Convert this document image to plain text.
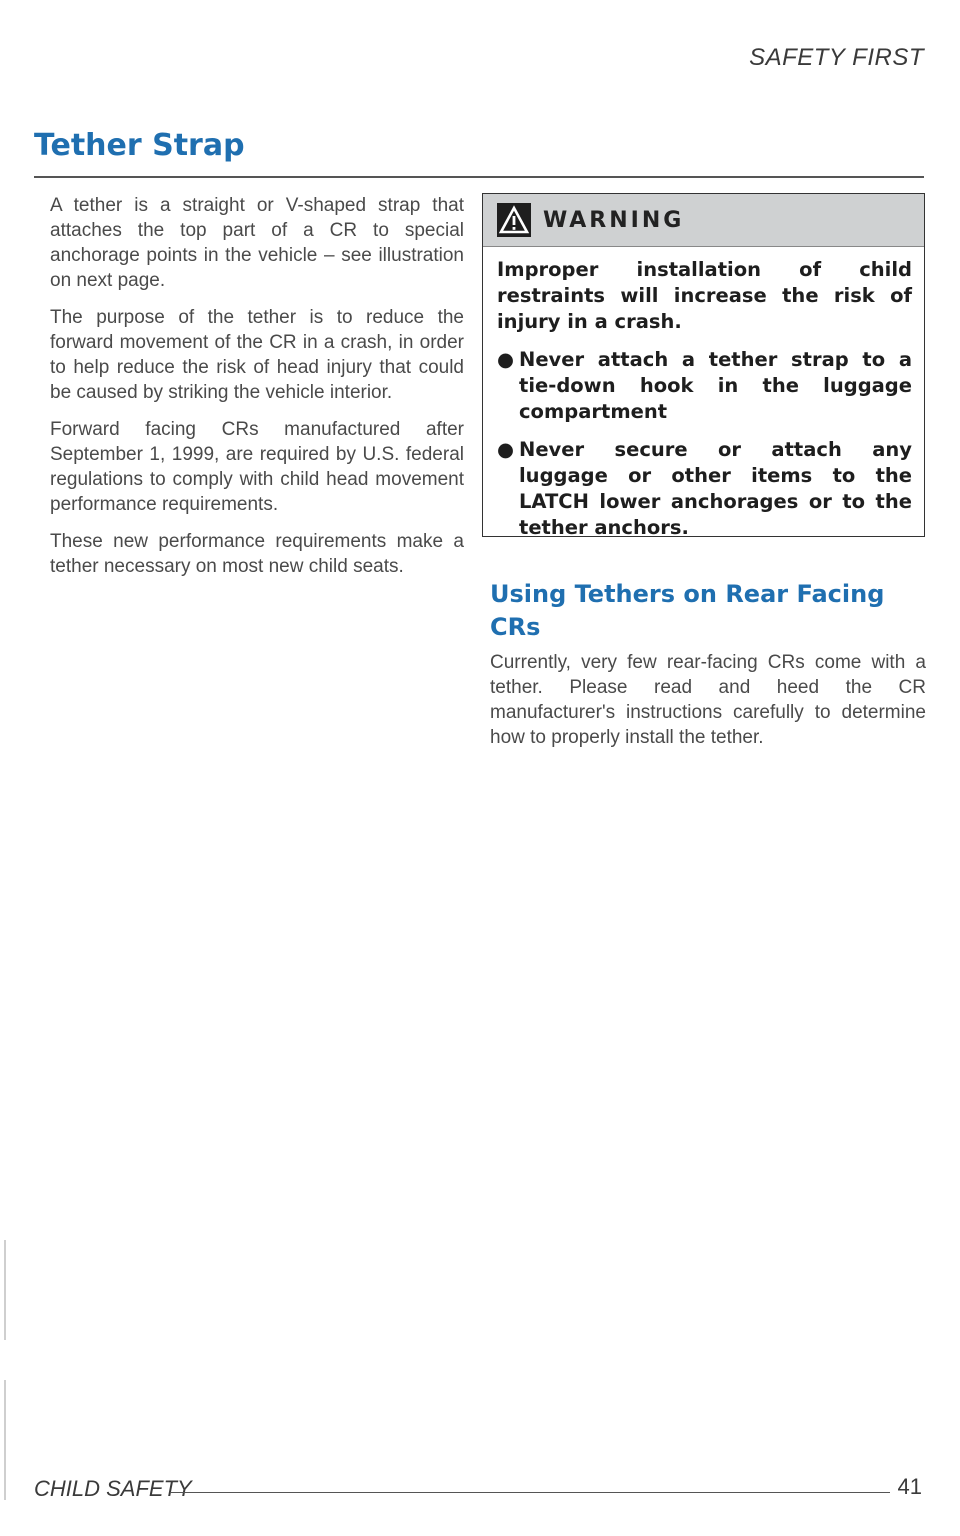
SAFETY FIRST
Tether Strap

A tether is a straight or V-shaped strap that attaches the top part of a CR to special anchorage points in the vehicle – see illustration on next page.

The purpose of the tether is to reduce the forward movement of the CR in a crash, in order to help reduce the risk of head injury that could be caused by striking the vehicle interior.

Forward facing CRs manufactured after September 1, 1999, are required by U.S. federal regulations to comply with child head movement performance requirements.

These new performance requirements make a tether necessary on most new child seats.

WARNING

Improper installation of child restraints will increase the risk of injury in a crash.

● Never attach a tether strap to a tie-down hook in the luggage compartment
● Never secure or attach any luggage or other items to the LATCH lower anchorages or to the tether anchors.
Using Tethers on Rear Facing CRs

Currently, very few rear-facing CRs come with a tether. Please read and heed the CR manufacturer's instructions carefully to determine how to properly install the tether.

CHILD SAFETY	41
